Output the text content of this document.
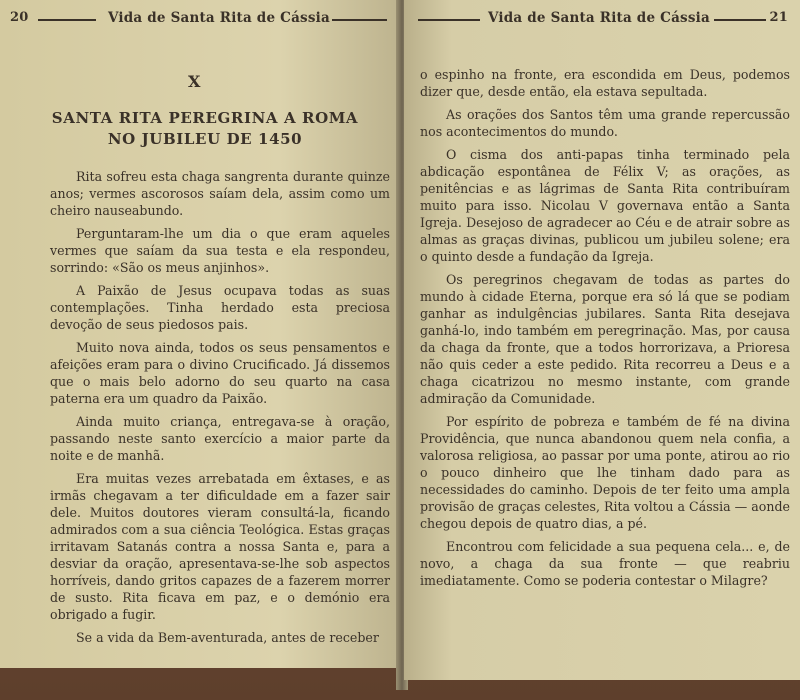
20	Vida de Santa Rita de Cássia
X
SANTA RITA PEREGRINA A ROMA
NO JUBILEU DE 1450

Rita sofreu esta chaga sangrenta durante quinze anos; vermes ascorosos saíam dela, assim como um cheiro nauseabundo.

Perguntaram-lhe um dia o que eram aqueles vermes que saíam da sua testa e ela respondeu, sorrindo: «São os meus anjinhos».

A Paixão de Jesus ocupava todas as suas contemplações. Tinha herdado esta preciosa devoção de seus piedosos pais.

Muito nova ainda, todos os seus pensamentos e afeições eram para o divino Crucificado. Já dissemos que o mais belo adorno do seu quarto na casa paterna era um quadro da Paixão.

Ainda muito criança, entregava-se à oração, passando neste santo exercício a maior parte da noite e de manhã.

Era muitas vezes arrebatada em êxtases, e as irmãs chegavam a ter dificuldade em a fazer sair dele. Muitos doutores vieram consultá-la, ficando admirados com a sua ciência Teológica. Estas graças irritavam Satanás contra a nossa Santa e, para a desviar da oração, apresentava-se-lhe sob aspectos horríveis, dando gritos capazes de a fazerem morrer de susto. Rita ficava em paz, e o demónio era obrigado a fugir.

Se a vida da Bem-aventurada, antes de receber

Vida de Santa Rita de Cássia	21

o espinho na fronte, era escondida em Deus, podemos dizer que, desde então, ela estava sepultada.

As orações dos Santos têm uma grande repercussão nos acontecimentos do mundo.

O cisma dos anti-papas tinha terminado pela abdicação espontânea de Félix V; as orações, as penitências e as lágrimas de Santa Rita contribuíram muito para isso. Nicolau V governava então a Santa Igreja. Desejoso de agradecer ao Céu e de atrair sobre as almas as graças divinas, publicou um jubileu solene; era o quinto desde a fundação da Igreja.

Os peregrinos chegavam de todas as partes do mundo à cidade Eterna, porque era só lá que se podiam ganhar as indulgências jubilares. Santa Rita desejava ganhá-lo, indo também em peregrinação. Mas, por causa da chaga da fronte, que a todos horrorizava, a Prioresa não quis ceder a este pedido. Rita recorreu a Deus e a chaga cicatrizou no mesmo instante, com grande admiração da Comunidade.

Por espírito de pobreza e também de fé na divina Providência, que nunca abandonou quem nela confia, a valorosa religiosa, ao passar por uma ponte, atirou ao rio o pouco dinheiro que lhe tinham dado para as necessidades do caminho. Depois de ter feito uma ampla provisão de graças celestes, Rita voltou a Cássia — aonde chegou depois de quatro dias, a pé.

Encontrou com felicidade a sua pequena cela... e, de novo, a chaga da sua fronte — que reabriu imediatamente. Como se poderia contestar o Milagre?
